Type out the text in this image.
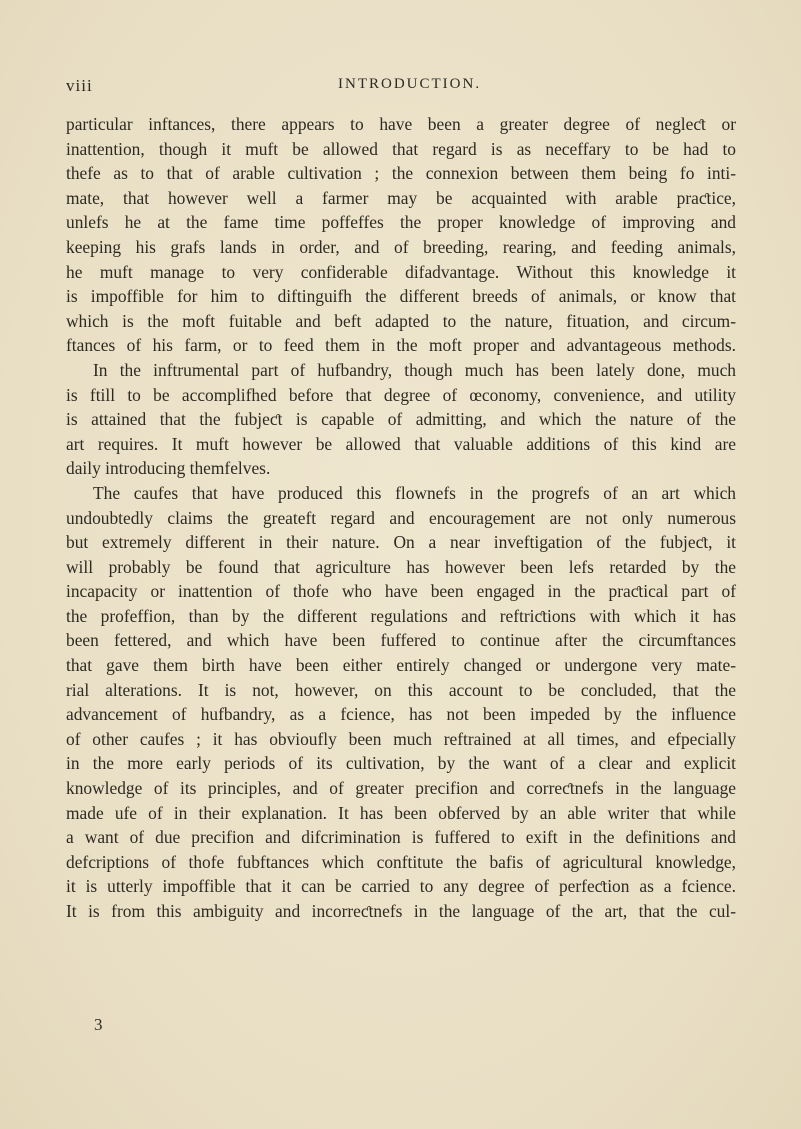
viii	INTRODUCTION.
particular inftances, there appears to have been a greater degree of negleƈt or
inattention, though it muft be allowed that regard is as neceffary to be had to
thefe as to that of arable cultivation ; the connexion between them being fo inti-
mate, that however well a farmer may be acquainted with arable praƈtice,
unlefs he at the fame time poffeffes the proper knowledge of improving and
keeping his grafs lands in order, and of breeding, rearing, and feeding animals,
he muft manage to very confiderable difadvantage. Without this knowledge it
is impoffible for him to diftinguifh the different breeds of animals, or know that
which is the moft fuitable and beft adapted to the nature, fituation, and circum-
ftances of his farm, or to feed them in the moft proper and advantageous methods.
In the inftrumental part of hufbandry, though much has been lately done, much
is ftill to be accomplifhed before that degree of œconomy, convenience, and utility
is attained that the fubjeƈt is capable of admitting, and which the nature of the
art requires. It muft however be allowed that valuable additions of this kind are
daily introducing themfelves.
The caufes that have produced this flownefs in the progrefs of an art which
undoubtedly claims the greateft regard and encouragement are not only numerous
but extremely different in their nature. On a near inveftigation of the fubjeƈt, it
will probably be found that agriculture has however been lefs retarded by the
incapacity or inattention of thofe who have been engaged in the praƈtical part of
the profeffion, than by the different regulations and reftriƈtions with which it has
been fettered, and which have been fuffered to continue after the circumftances
that gave them birth have been either entirely changed or undergone very mate-
rial alterations. It is not, however, on this account to be concluded, that the
advancement of hufbandry, as a fcience, has not been impeded by the influence
of other caufes ; it has obvioufly been much reftrained at all times, and efpecially
in the more early periods of its cultivation, by the want of a clear and explicit
knowledge of its principles, and of greater precifion and correƈtnefs in the language
made ufe of in their explanation. It has been obferved by an able writer that while
a want of due precifion and difcrimination is fuffered to exift in the definitions and
defcriptions of thofe fubftances which conftitute the bafis of agricultural knowledge,
it is utterly impoffible that it can be carried to any degree of perfeƈtion as a fcience.
It is from this ambiguity and incorreƈtnefs in the language of the art, that the cul-
3
